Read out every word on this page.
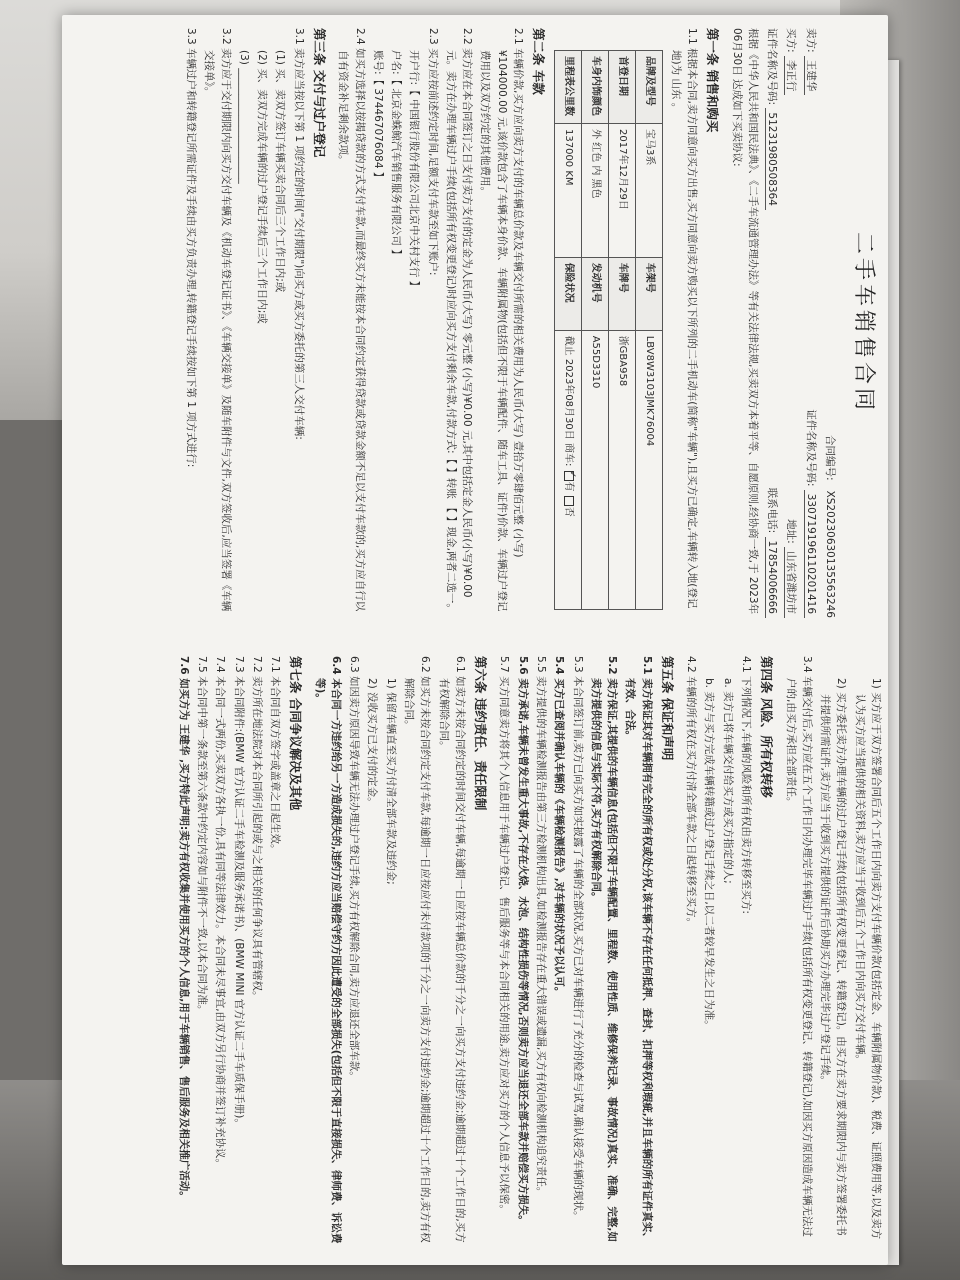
二手车销售合同
合同编号:
XS20230630135563246
卖方: 王建华
证件名称及号码: 330719196110201416
买方: 李正行
地址: 山东省潍坊市
证件名称及号码: 51231980508364
联系电话: 17854006666

根据《中华人民共和国民法典》、《二手车流通管理办法》等有关法律法规,买卖双方本着平等、自愿原则,经协商一致,于 2023年06月30日 达成如下买卖协议:

第一条 销售和购买

1.1 根据本合同,卖方同意向买方出售,买方同意向卖方购买以下所列的二手机动车(简称"车辆"),且买方已确定,车辆转入地(登记地)为 山东 。

品牌及型号	宝马3系	车架号	LBV8W3103JMK76004
首登日期	2017年12月29日	车牌号	浙GBA958
车身内饰颜色	外 红色 内 黑色	发动机号	A55D3310
里程表公里数	137000 KM	保险状况	截止 2023年08月30日 商车: ✓有 否
第二条 车款

2.1 车辆价款,买方应向卖方支付的车辆总价款及车辆交付所需的相关费用为人民币(大写) 壹拾万零肆佰元整 (小写)¥104000.00 元,该价款包含了车辆本身价款、车辆附属物(包括但不限于车辆配件、随车工具、证件)价款、车辆过户登记费用以及双方约定的其他费用。

2.2 卖方应在本合同签订之日支付卖方支付的定金为人民币(大写) 零元整 (小写)¥0.00 元,其中包括定金人民币(小写)¥0.00 元。卖方在办理车辆过户手续(包括所有权变更登记)时应向买方支付剩余车款,付款方式:【 】转账 【 】现金,两者二选一。

2.3 买方应按前述约定时间,足额支付车款至如下账户:

开户行:【 中国银行股份有限公司北京中关村支行 】

户名:【 北京金蛛鲸汽车销售服务有限公司 】

账号:【 374467076084 】

2.4 如买方选择以按揭贷款的方式支付车款,而最终买方未能按本合同约定获得贷款或贷款金额不足以支付车款的,买方应自行以自有资金补足剩余款项。

第三条 交付与过户登记

3.1 卖方应当按以下第 1 项约定的时间("交付期限")向买方或买方委托的第三人交付车辆:

(1) 买、卖双方签订车辆买卖合同后三个工作日内;或

(2) 买、卖双方完成车辆的过户登记手续后三个工作日内;或

(3) ______________________

3.2 卖方应于交付期限内向买方交付车辆及《机动车登记证书》、《车辆交接单》及随车附件与文件,双方签收后,应当签署《车辆交接单》。

3.3 车辆过户和转籍登记所需证件及手续由买方负责办理,转籍登记手续按如下第 1 项方式进行:

1) 买方应于双方签署合同后五个工作日内向卖方支付车辆价款(包括定金、车辆附属物价款)、税费、证照费用等,以及卖方认为买方应当提供的相关资料,卖方应当于收到后五个工作日内向买方交付车辆。

2) 买方委托卖方办理车辆的过户登记手续(包括所有权变更登记、转籍登记)。由买方在卖方要求期限内与卖方签署委托书并提供所需证件,卖方应当于收到买方提供的证件后协助买方办理完毕过户登记手续。

3.4 车辆交付后,买方应在五个工作日内办理完毕车辆过户手续(包括所有权变更登记、转籍登记),如因买方原因造成车辆无法过户的,由买方承担全部责任。

第四条 风险、所有权转移

4.1 下列情况下,车辆的风险和所有权由卖方转移至买方:

a. 卖方已将车辆交付给买方或买方指定的人;

b. 卖方与买方完成车辆转籍或过户登记手续之日,以二者较早发生之日为准。

4.2 车辆的所有权在买方付清全部车款之日起转移至买方。

第五条 保证和声明

5.1 卖方保证其对车辆拥有完全的所有权或处分权,该车辆不存在任何抵押、查封、扣押等权利瑕疵,并且车辆的所有证件真实、有效、合法。

5.2 卖方保证,其提供的车辆信息(包括但不限于车辆配置、里程数、使用性质、维修保养记录、事故情况)真实、准确、完整,如卖方提供的信息与实际不符,买方有权解除合同。

5.3 本合同签订前,卖方已向买方如实披露了车辆的全部状况,买方已对车辆进行了充分的检查与试驾,确认接受车辆的现状。

5.4 买方已查阅并确认车辆的《车辆检测报告》,对车辆的状况予以认可。

5.5 卖方提供的车辆检测报告由第三方检测机构出具,如检测报告存在重大错误或遗漏,买方有权向检测机构追究责任。

5.6 卖方承诺,车辆未曾发生重大事故,不存在火烧、水泡、结构性损伤等情况,否则卖方应当退还全部车款并赔偿买方损失。

5.7 买方同意卖方将其个人信息用于车辆过户登记、售后服务等与本合同相关的用途,卖方应对买方的个人信息予以保密。

第六条 违约责任、责任限制

6.1 如卖方未按合同约定的时间交付车辆,每逾期一日应按车辆总价款的千分之一向买方支付违约金;逾期超过十个工作日的,买方有权解除合同。

6.2 如买方未按合同约定支付车款,每逾期一日应按应付未付款项的千分之一向卖方支付违约金;逾期超过十个工作日的,卖方有权解除合同。

1) 保留车辆直至买方付清全部车款及违约金;

2) 没收买方已支付的定金。

6.3 如因卖方原因导致车辆无法办理过户登记手续,买方有权解除合同,卖方应退还全部车款。

6.4 本合同一方违约给另一方造成损失的,违约方应当赔偿守约方因此遭受的全部损失(包括但不限于直接损失、律师费、诉讼费等)。

第七条 合同争议解决及其他

7.1 本合同自双方签字或盖章之日起生效。

7.2 卖方所在地法院对本合同所引起的或与之相关的任何争议具有管辖权。

7.3 本合同附件:(BMW 官方认证二手车检测及服务承诺书)、(BMW MINI 官方认证二手车质保手册)。

7.4 本合同一式两份,买卖双方各执一份,具有同等法律效力。本合同未尽事宜,由双方另行协商并签订补充协议。

7.5 本合同中第一条款至第六条款中约定内容如与附件不一致,以本合同为准。

7.6 如买方为 王建华 ,买方特此声明:卖方有权收集并使用买方的个人信息,用于车辆销售、售后服务及相关推广活动。
